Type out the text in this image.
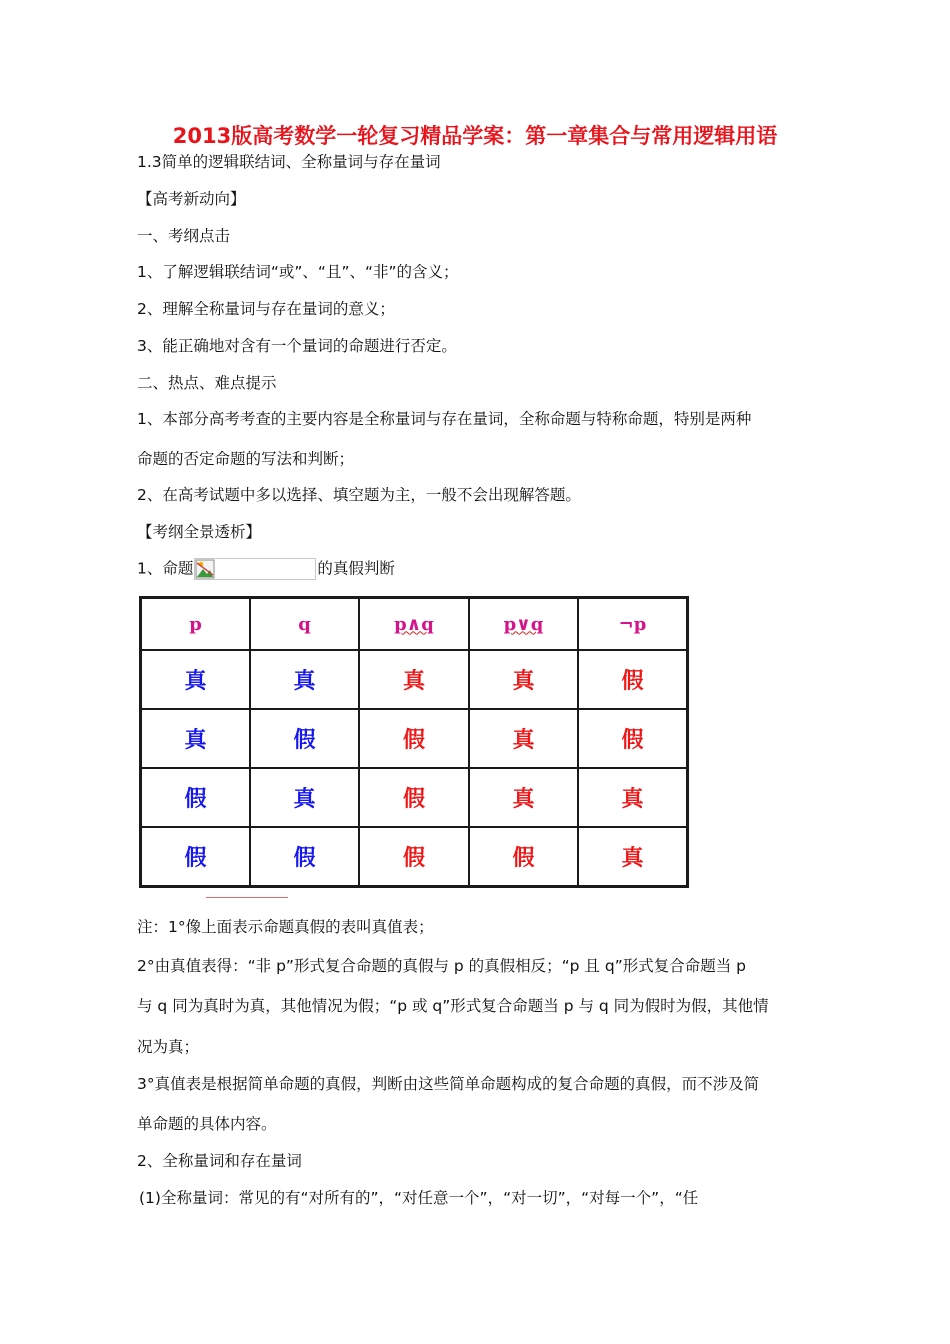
2013版高考数学一轮复习精品学案：第一章集合与常用逻辑用语
1.3简单的逻辑联结词、全称量词与存在量词
【高考新动向】
一、考纲点击
1、了解逻辑联结词“或”、“且”、“非”的含义；
2、理解全称量词与存在量词的意义；
3、能正确地对含有一个量词的命题进行否定。
二、热点、难点提示
1、本部分高考考查的主要内容是全称量词与存在量词，全称命题与特称命题，特别是两种
命题的否定命题的写法和判断；
2、在高考试题中多以选择、填空题为主，一般不会出现解答题。
【考纲全景透析】
1、命题	的真假判断
p	q	p∧q	p∨q	¬p
真	真	真	真	假
真	假	假	真	假
假	真	假	真	真
假	假	假	假	真
注：1°像上面表示命题真假的表叫真值表；
2°由真值表得：“非 p”形式复合命题的真假与 p 的真假相反；“p 且 q”形式复合命题当 p
与 q 同为真时为真，其他情况为假；“p 或 q”形式复合命题当 p 与 q 同为假时为假，其他情
况为真；
3°真值表是根据简单命题的真假，判断由这些简单命题构成的复合命题的真假，而不涉及简
单命题的具体内容。
2、全称量词和存在量词
(1)全称量词：常见的有“对所有的”，“对任意一个”，“对一切”，“对每一个”，“任
